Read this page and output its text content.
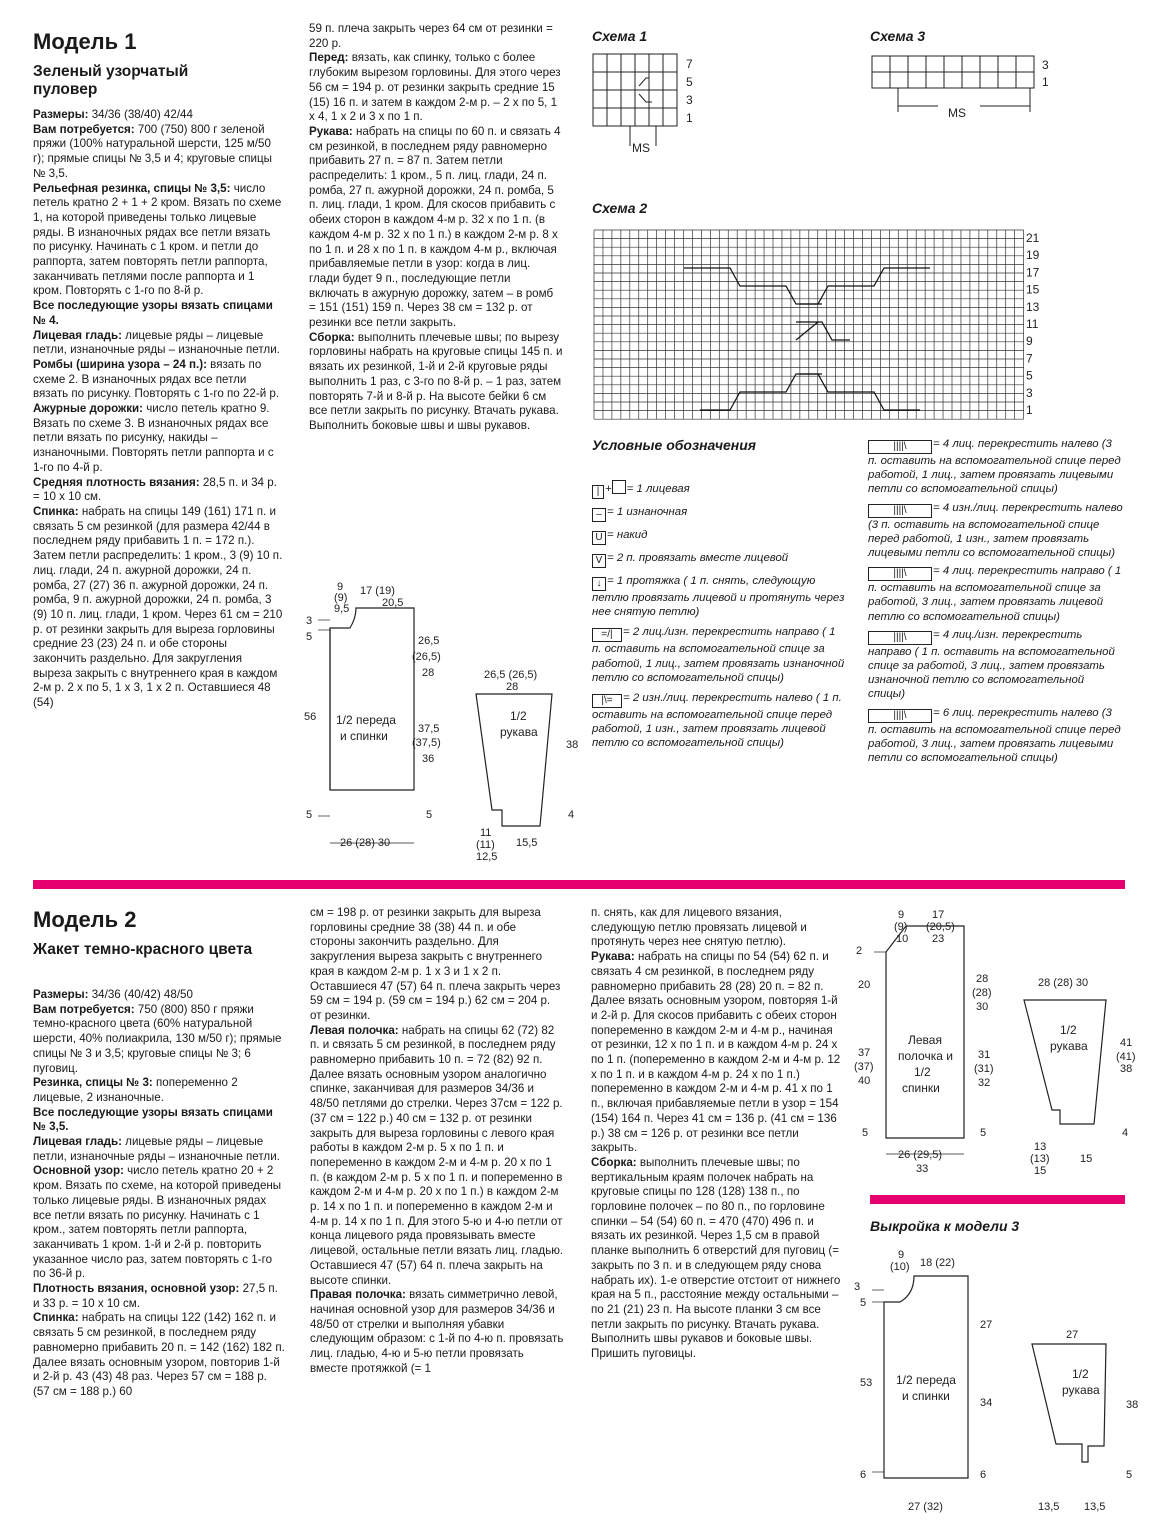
Модель 1
Зеленый узорчатый пуловер

Размеры: 34/36 (38/40) 42/44

Вам потребуется: 700 (750) 800 г зеленой пряжи (100% натуральной шерсти, 125 м/50 г); прямые спицы № 3,5 и 4; круговые спицы № 3,5.

Рельефная резинка, спицы № 3,5: число петель кратно 2 + 1 + 2 кром. Вязать по схеме 1, на которой приведены только лицевые ряды. В изнаночных рядах все петли вязать по рисунку. Начинать с 1 кром. и петли до раппорта, затем повторять петли раппорта, заканчивать петлями после раппорта и 1 кром. Повторять с 1-го по 8-й р.

Все последующие узоры вязать спицами № 4.

Лицевая гладь: лицевые ряды – лицевые петли, изнаночные ряды – изнаночные петли.

Ромбы (ширина узора – 24 п.): вязать по схеме 2. В изнаночных рядах все петли вязать по рисунку. Повторять с 1-го по 22-й р.

Ажурные дорожки: число петель кратно 9. Вязать по схеме 3. В изнаночных рядах все петли вязать по рисунку, накиды – изнаночными. Повторять петли раппорта и с 1-го по 4-й р.

Средняя плотность вязания: 28,5 п. и 34 р. = 10 х 10 см.

Спинка: набрать на спицы 149 (161) 171 п. и связать 5 см резинкой (для размера 42/44 в последнем ряду прибавить 1 п. = 172 п.). Затем петли распределить: 1 кром., 3 (9) 10 п. лиц. глади, 24 п. ажурной дорожки, 24 п. ромба, 27 (27) 36 п. ажурной дорожки, 24 п. ромба, 9 п. ажурной дорожки, 24 п. ромба, 3 (9) 10 п. лиц. глади, 1 кром. Через 61 см = 210 р. от резинки закрыть для выреза горловины средние 23 (23) 24 п. и обе стороны закончить раздельно. Для закругления выреза закрыть с внутреннего края в каждом 2-м р. 2 х по 5, 1 х 3, 1 х 2 п. Оставшиеся 48 (54)

59 п. плеча закрыть через 64 см от резинки = 220 р.

Перед: вязать, как спинку, только с более глубоким вырезом горловины. Для этого через 56 см = 194 р. от резинки закрыть средние 15 (15) 16 п. и затем в каждом 2-м р. – 2 х по 5, 1 х 4, 1 х 2 и 3 х по 1 п.

Рукава: набрать на спицы по 60 п. и связать 4 см резинкой, в последнем ряду равномерно прибавить 27 п. = 87 п. Затем петли распределить: 1 кром., 5 п. лиц. глади, 24 п. ромба, 27 п. ажурной дорожки, 24 п. ромба, 5 п. лиц. глади, 1 кром. Для скосов прибавить с обеих сторон в каждом 4-м р. 32 х по 1 п. (в каждом 4-м р. 32 х по 1 п.) в каждом 2-м р. 8 х по 1 п. и 28 х по 1 п. в каждом 4-м р., включая прибавляемые петли в узор: когда в лиц. глади будет 9 п., последующие петли включать в ажурную дорожку, затем – в ромб = 151 (151) 159 п. Через 38 см = 132 р. от резинки все петли закрыть.

Сборка: выполнить плечевые швы; по вырезу горловины набрать на круговые спицы 145 п. и вязать их резинкой, 1-й и 2-й круговые ряды выполнить 1 раз, с 3-го по 8-й р. – 1 раз, затем повторять 7-й и 8-й р. На высоте бейки 6 см все петли закрыть по рисунку. Втачать рукава. Выполнить боковые швы и швы рукавов.

Схема 1
7
5
3
1
MS
Схема 3
3
1
MS
Схема 2
21
19
17
15
13
11
9
7
5
3
1
Условные обозначения

| + = 1 лицевая

– = 1 изнаночная

U = накид

V = 2 п. провязать вместе лицевой

↓ = 1 протяжка ( 1 п. снять, следующую петлю провязать лицевой и протянуть через нее снятую петлю)

=/| = 2 лиц./изн. перекрестить направо ( 1 п. оставить на вспомогательной спице за работой, 1 лиц., затем провязать изнаночной петлю со вспомогательной спицы)

|\= = 2 изн./лиц. перекрестить налево ( 1 п. оставить на вспомогательной спице перед работой, 1 изн., затем провязать лицевой петлю со вспомогательной спицы)

||||\ = 4 лиц. перекрестить налево (3 п. оставить на вспомогательной спице перед работой, 1 лиц., затем провязать лицевыми петли со вспомогательной спицы)

||||\ = 4 изн./лиц. перекрестить налево (3 п. оставить на вспомогательной спице перед работой, 1 изн., затем провязать лицевыми петли со вспомогательной спицы)

||||\ = 4 лиц. перекрестить направо ( 1 п. оставить на вспомогательной спице за работой, 3 лиц., затем провязать лицевой петлю со вспомогательной спицы)

||||\ = 4 лиц./изн. перекрестить направо ( 1 п. оставить на вспомогательной спице за работой, 3 лиц., затем провязать изнаночной петлю со вспомогательной спицы)

||||\ = 6 лиц. перекрестить налево (3 п. оставить на вспомогательной спице перед работой, 3 лиц., затем провязать лицевыми петли со вспомогательной спицы)

9
(9)
9,5
17 (19)
20,5
3
5	26,5
(26,5)
28
56
37,5
(37,5)
36
5	5
26 (28) 30
1/2 переда
и спинки
26,5 (26,5)
28
1/2
рукава
38
4
11
(11)
12,5
15,5
Модель 2
Жакет темно-красного цвета

Размеры: 34/36 (40/42) 48/50

Вам потребуется: 750 (800) 850 г пряжи темно-красного цвета (60% натуральной шерсти, 40% полиакрила, 130 м/50 г); прямые спицы № 3 и 3,5; круговые спицы № 3; 6 пуговиц.

Резинка, спицы № 3: попеременно 2 лицевые, 2 изнаночные.

Все последующие узоры вязать спицами № 3,5.

Лицевая гладь: лицевые ряды – лицевые петли, изнаночные ряды – изнаночные петли.

Основной узор: число петель кратно 20 + 2 кром. Вязать по схеме, на которой приведены только лицевые ряды. В изнаночных рядах все петли вязать по рисунку. Начинать с 1 кром., затем повторять петли раппорта, заканчивать 1 кром. 1-й и 2-й р. повторить указанное число раз, затем повторять с 1-го по 36-й р.

Плотность вязания, основной узор: 27,5 п. и 33 р. = 10 х 10 см.

Спинка: набрать на спицы 122 (142) 162 п. и связать 5 см резинкой, в последнем ряду равномерно прибавить 20 п. = 142 (162) 182 п. Далее вязать основным узором, повторив 1-й и 2-й р. 43 (43) 48 раз. Через 57 см = 188 р. (57 см = 188 р.) 60

см = 198 р. от резинки закрыть для выреза горловины средние 38 (38) 44 п. и обе стороны закончить раздельно. Для закругления выреза закрыть с внутреннего края в каждом 2-м р. 1 х 3 и 1 х 2 п. Оставшиеся 47 (57) 64 п. плеча закрыть через 59 см = 194 р. (59 см = 194 р.) 62 см = 204 р. от резинки.

Левая полочка: набрать на спицы 62 (72) 82 п. и связать 5 см резинкой, в последнем ряду равномерно прибавить 10 п. = 72 (82) 92 п. Далее вязать основным узором аналогично спинке, заканчивая для размеров 34/36 и 48/50 петлями до стрелки. Через 37см = 122 р. (37 см = 122 р.) 40 см = 132 р. от резинки закрыть для выреза горловины с левого края работы в каждом 2-м р. 5 х по 1 п. и попеременно в каждом 2-м и 4-м р. 20 х по 1 п. (в каждом 2-м р. 5 х по 1 п. и попеременно в каждом 2-м и 4-м р. 20 х по 1 п.) в каждом 2-м р. 14 х по 1 п. и попеременно в каждом 2-м и 4-м р. 14 х по 1 п. Для этого 5-ю и 4-ю петли от конца лицевого ряда провязывать вместе лицевой, остальные петли вязать лиц. гладью. Оставшиеся 47 (57) 64 п. плеча закрыть на высоте спинки.

Правая полочка: вязать симметрично левой, начиная основной узор для размеров 34/36 и 48/50 от стрелки и выполняя убавки следующим образом: с 1-й по 4-ю п. провязать лиц. гладью, 4-ю и 5-ю петли провязать вместе протяжкой (= 1

п. снять, как для лицевого вязания, следующую петлю провязать лицевой и протянуть через нее снятую петлю).

Рукава: набрать на спицы по 54 (54) 62 п. и связать 4 см резинкой, в последнем ряду равномерно прибавить 28 (28) 20 п. = 82 п. Далее вязать основным узором, повторяя 1-й и 2-й р. Для скосов прибавить с обеих сторон попеременно в каждом 2-м и 4-м р., начиная от резинки, 12 х по 1 п. и в каждом 4-м р. 24 х по 1 п. (попеременно в каждом 2-м и 4-м р. 12 х по 1 п. и в каждом 4-м р. 24 х по 1 п.) попеременно в каждом 2-м и 4-м р. 41 х по 1 п., включая прибавляемые петли в узор = 154 (154) 164 п. Через 41 см = 136 р. (41 см = 136 р.) 38 см = 126 р. от резинки все петли закрыть.

Сборка: выполнить плечевые швы; по вертикальным краям полочек набрать на круговые спицы по 128 (128) 138 п., по горловине полочек – по 80 п., по горловине спинки – 54 (54) 60 п. = 470 (470) 496 п. и вязать их резинкой. Через 1,5 см в правой планке выполнить 6 отверстий для пуговиц (= закрыть по 3 п. и в следующем ряду снова набрать их). 1-е отверстие отстоит от нижнего края на 5 п., расстояние между остальными – по 21 (21) 23 п. На высоте планки 3 см все петли закрыть по рисунку. Втачать рукава. Выполнить швы рукавов и боковые швы. Пришить пуговицы.

9
(9)
10
17
(20,5)
23
2
20	28
(28)
30
37
(37)
40
31
(31)
32
5	5
26 (29,5)
33
Левая
полочка и
1/2
спинки
28 (28) 30
1/2
рукава	41
(41)
38
4
13
(13)
15
15
Выкройка к модели 3
9
(10) 18 (22)
3
5
27
53
34
6	6
27 (32)
1/2 переда
и спинки
27
1/2
рукава
38
5
13,5 13,5
